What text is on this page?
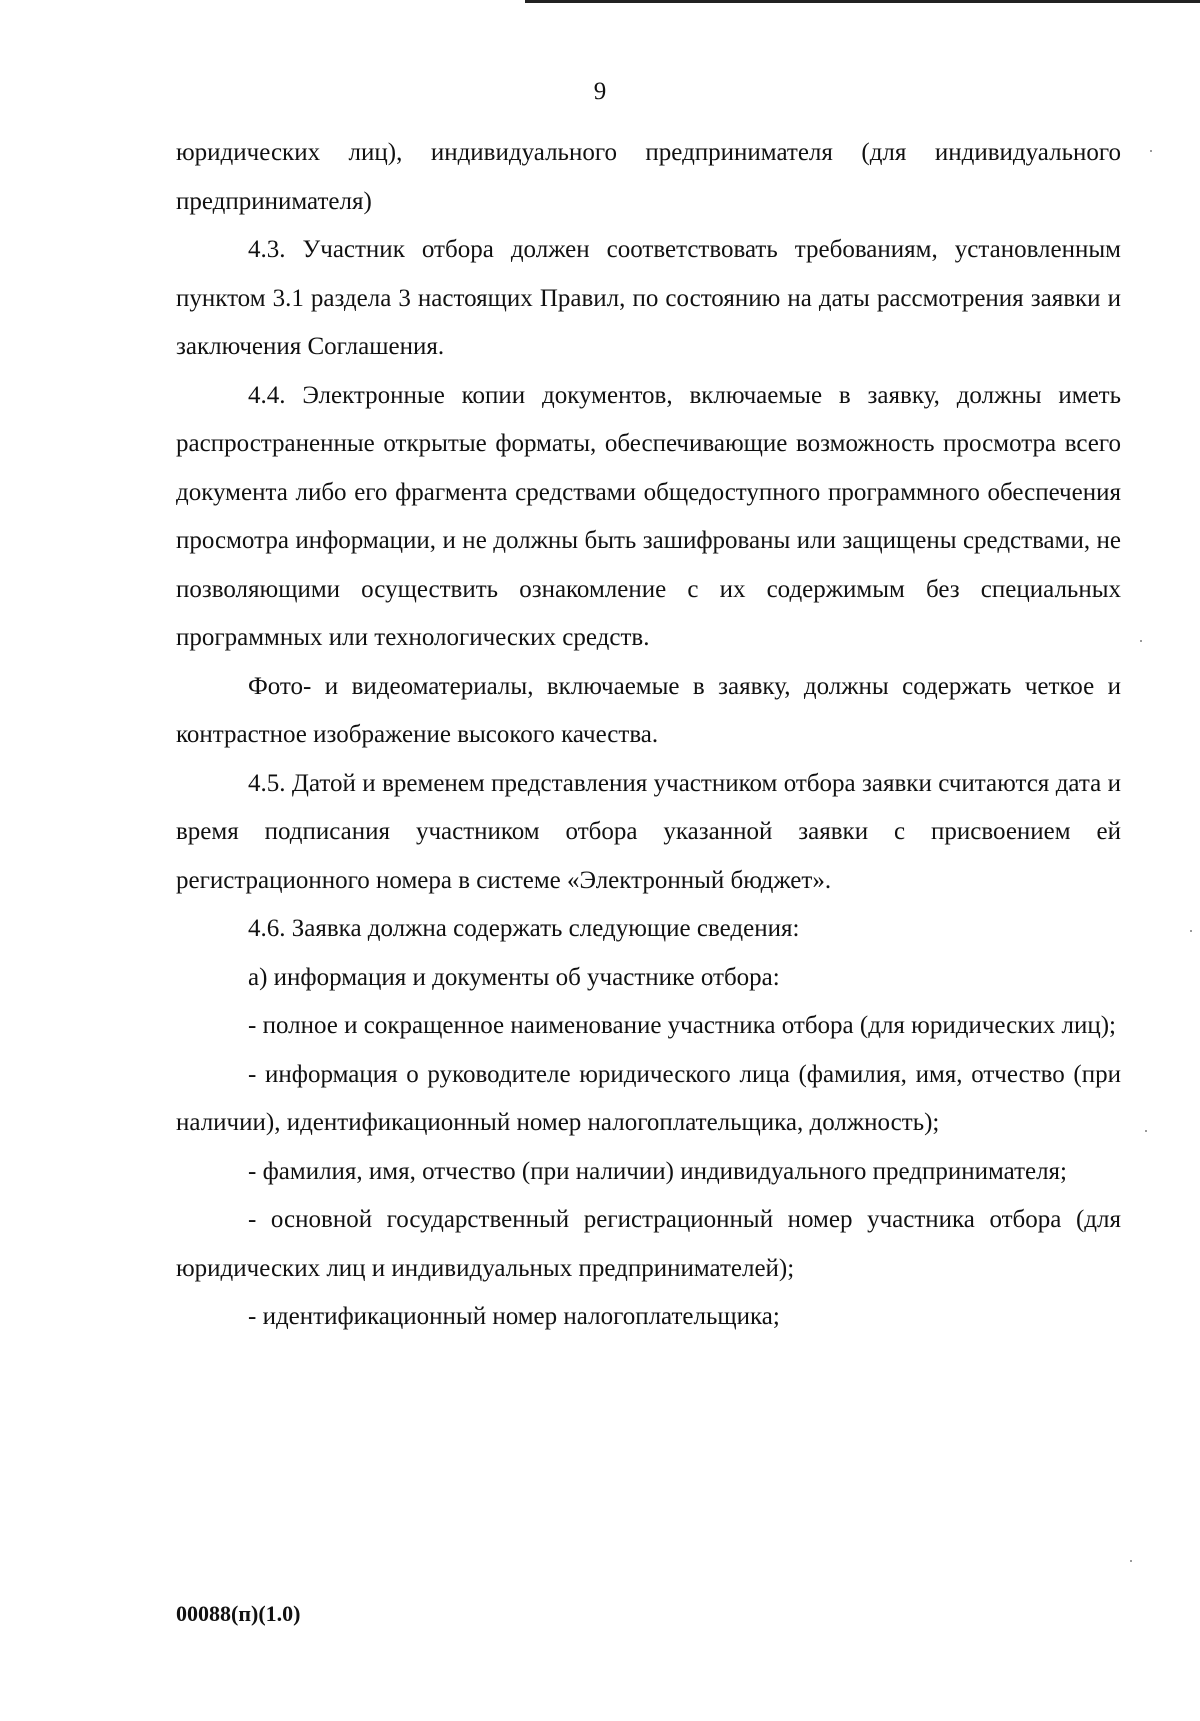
9

юридических лиц), индивидуального предпринимателя (для индивидуального предпринимателя)

4.3. Участник отбора должен соответствовать требованиям, установленным пунктом 3.1 раздела 3 настоящих Правил, по состоянию на даты рассмотрения заявки и заключения Соглашения.

4.4. Электронные копии документов, включаемые в заявку, должны иметь распространенные открытые форматы, обеспечивающие возможность просмотра всего документа либо его фрагмента средствами общедоступного программного обеспечения просмотра информации, и не должны быть зашифрованы или защищены средствами, не позволяющими осуществить ознакомление с их содержимым без специальных программных или технологических средств.

Фото- и видеоматериалы, включаемые в заявку, должны содержать четкое и контрастное изображение высокого качества.

4.5. Датой и временем представления участником отбора заявки считаются дата и время подписания участником отбора указанной заявки с присвоением ей регистрационного номера в системе «Электронный бюджет».

4.6. Заявка должна содержать следующие сведения:

а) информация и документы об участнике отбора:

- полное и сокращенное наименование участника отбора (для юридических лиц);

- информация о руководителе юридического лица (фамилия, имя, отчество (при наличии), идентификационный номер налогоплательщика, должность);

- фамилия, имя, отчество (при наличии) индивидуального предпринимателя;

- основной государственный регистрационный номер участника отбора (для юридических лиц и индивидуальных предпринимателей);

- идентификационный номер налогоплательщика;

00088(п)(1.0)
